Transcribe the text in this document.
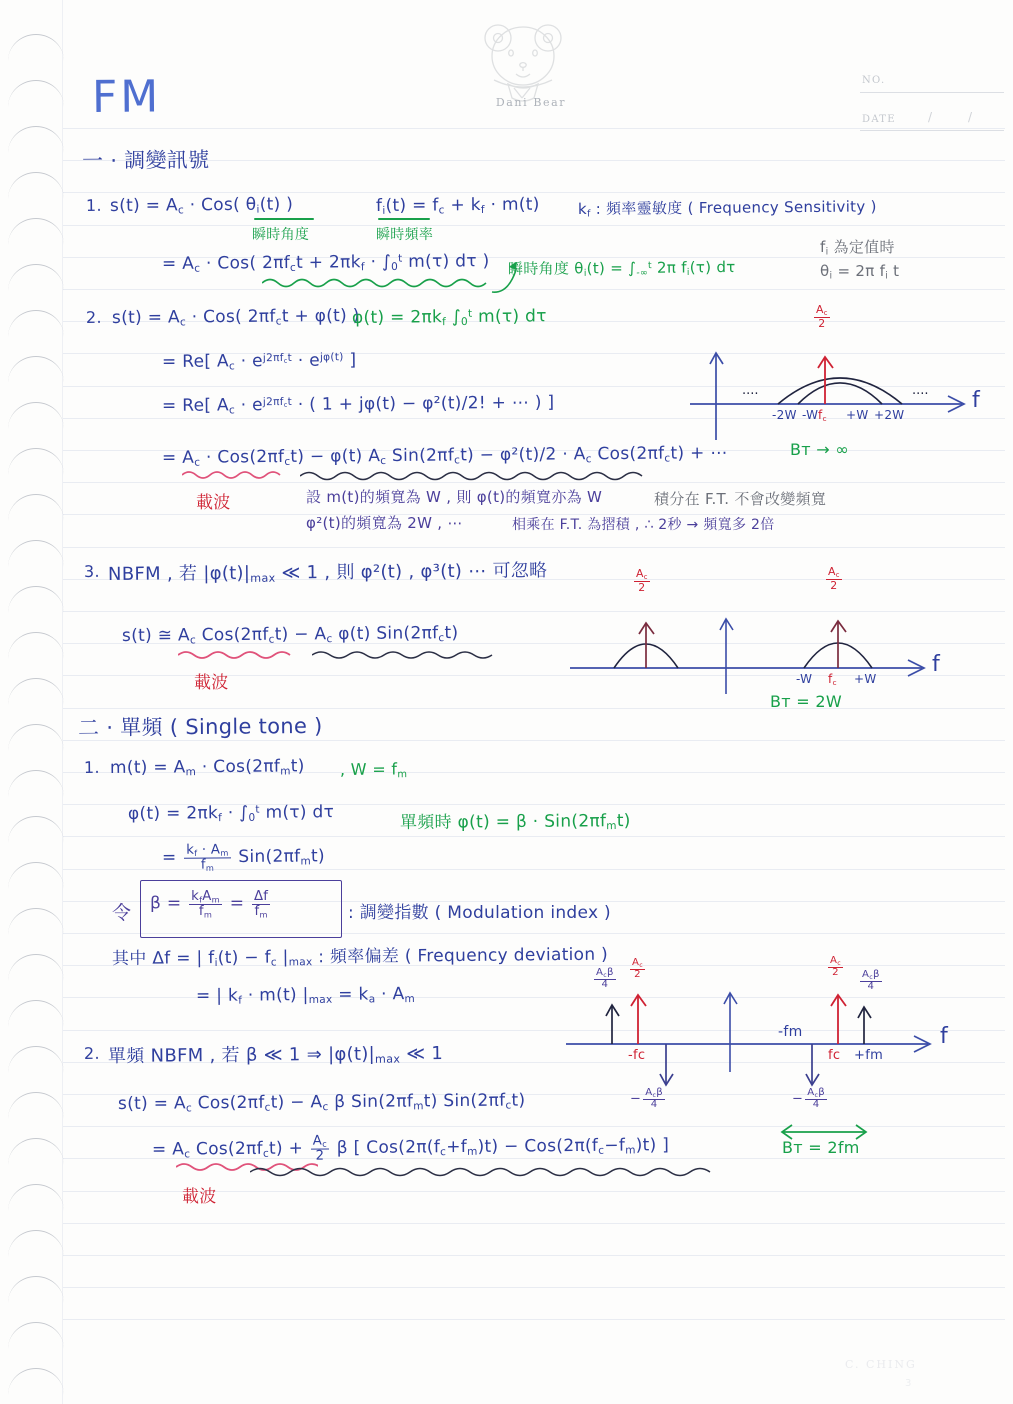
Dani Bear
NO.
DATE	/	/
C. CHING
3
FM
一 · 調變訊號
1. $s(t) = A_c \cdot Cos$( $\theta_i(t)$ )
瞬時角度
$f_i(t) = f_c + k_f \cdot m(t)$
瞬時頻率
$k_f$ : 頻率靈敏度 ( Frequency Sensitivity )
= $A_c \cdot Cos$( $2\pi f_ct + 2\pi k_f \cdot \int_0^t$ m(τ) dτ ) 瞬時角度 $\theta_i(t) = \int_{-\infty}^t$ 2π $f_i(\tau)$ dτ
$f_i$ 為定值時
$\theta_i = 2\pi$ $f_i$ t
2. $s(t) = A_c \cdot Cos$( $2\pi f_ct + \varphi(t)$ )
$\varphi(t) = 2\pi k_f$ $\int_0^t$ m(τ) dτ
= Re[ $A_c \cdot e^{j2\pi f_ct} \cdot e^{j\varphi(t)}$ ]
= Re[ $A_c \cdot e^{j2\pi f_ct}$ · ( 1 + jφ(t) − φ²(t)/2! + ⋯ ) ]
= $A_c \cdot Cos(2\pi f_ct) - \varphi(t)$ $A_c$ $Sin(2\pi f_ct) - \varphi^2(t)/2 \cdot A_c$ $Cos(2\pi f_ct)$ + ⋯
載波	設 m(t)的頻寬為 W , 則 φ(t)的頻寬亦為 W
φ²(t)的頻寬為 2W , ⋯	相乘在 F.T. 為摺積 , ∴ 2秒 → 頻寬多 2倍
積分在 F.T. 不會改變頻寬
····	····
$\frac{A_c}{2}$
f
-2W -W $f_c +W +2W$
Bᴛ → ∞
3. NBFM , 若 $|\varphi(t)|_{max}$ ≪ 1 , 則 φ²(t) , φ³(t) ⋯ 可忽略
s(t) ≅ $A_c$ $Cos(2\pi f_ct) - A_c$ φ(t) $Sin(2\pi f_ct)$
載波
$\frac{A_c}{2}$	$\frac{A_c}{2}$
f
-W $f_c +W$
Bᴛ = 2W
二 · 單頻 ( Single tone )
1. $m(t) = A_m \cdot Cos(2\pi f_mt)$ , $W = f_m$
$\varphi(t) = 2\pi k_f \cdot \int_0^t$ m(τ) dτ
= $\frac{k_f \cdot A_m}{f_m} Sin(2\pi f_mt)$
單頻時 $\varphi(t) = \beta \cdot Sin(2\pi f_mt)$
令 $\beta = \frac{k_fA_m}{f_m} = \frac{\Delta f}{f_m}$	: 調變指數 ( Modulation index )
其中 Δf = | $f_i(t) - f_c$ $|_{max}$ : 頻率偏差 ( Frequency deviation )
= | $k_f \cdot m(t) |_{max} = k_a \cdot A_m$
2. 單頻 NBFM , 若 β ≪ 1 ⇒ $|\varphi(t)|_{max}$ ≪ 1
$s(t) = A_c$ $Cos(2\pi f_ct) - A_c$ β $Sin(2\pi f_mt)$ $Sin(2\pi f_ct)$
= $A_c$ $Cos(2\pi f_ct) + \frac{A_c}{2}$ β [ $Cos(2\pi(f_c+f_m)t) - Cos(2\pi(f_c-f_m)t)$ ]
載波
$\frac{A_c\beta}{4} \frac{A_c}{2}$	$\frac{A_c}{2}$
$\frac{A_c\beta}{4}$
− $\frac{A_c\beta}{4}$	− $\frac{A_c\beta}{4}$
-fc
-fm
fc +fm
f
Bᴛ = 2fm
